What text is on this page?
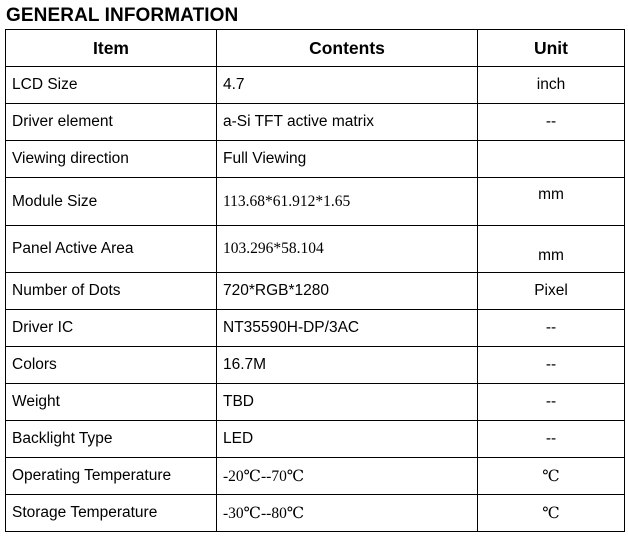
GENERAL INFORMATION
Item	Contents	Unit
LCD Size	4.7	inch
Driver element	a-Si TFT active matrix	--
Viewing direction	Full Viewing	
Module Size	113.68*61.912*1.65	mm
Panel Active Area	103.296*58.104	mm
Number of Dots	720*RGB*1280	Pixel
Driver IC	NT35590H-DP/3AC	--
Colors	16.7M	--
Weight	TBD	--
Backlight Type	LED	--
Operating Temperature	-20℃--70℃	℃
Storage Temperature	-30℃--80℃	℃
